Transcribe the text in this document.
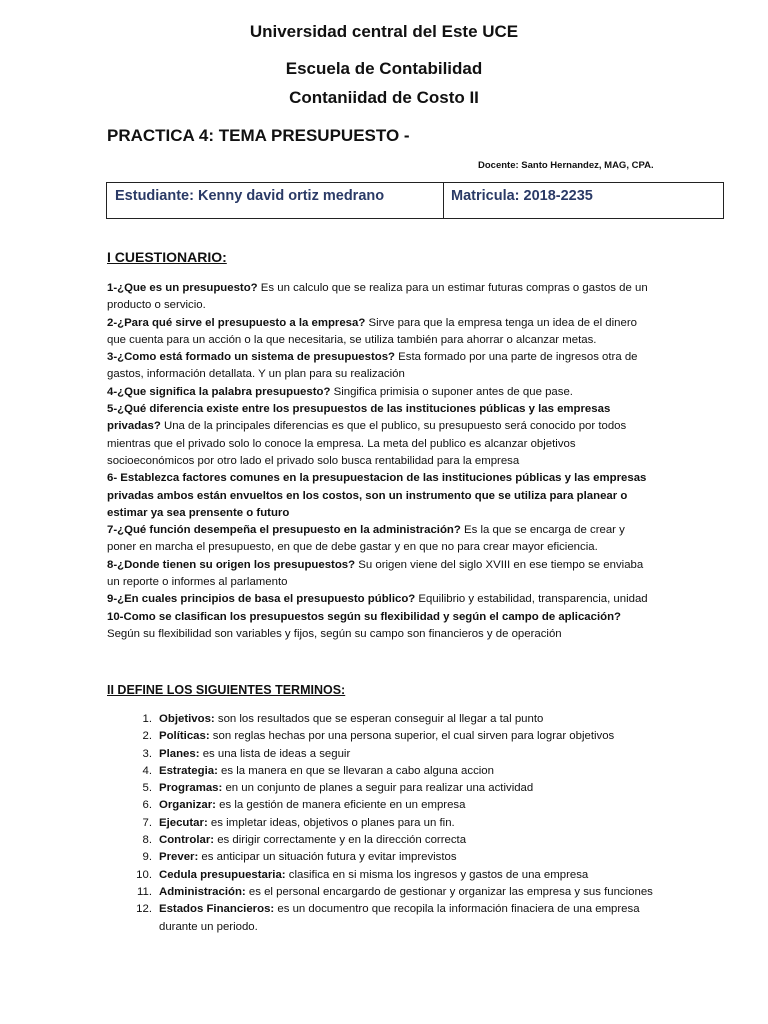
Universidad central del Este UCE
Escuela de Contabilidad
Contaniidad de Costo II
PRACTICA 4: TEMA PRESUPUESTO -
Docente: Santo Hernandez, MAG, CPA.
Estudiante: Kenny david ortiz medrano	Matricula: 2018-2235
I CUESTIONARIO:

1-¿Que es un presupuesto? Es un calculo que se realiza para un estimar futuras compras o gastos de un producto o servicio.

2-¿Para qué sirve el presupuesto a la empresa? Sirve para que la empresa tenga un idea de el dinero que cuenta para un acción o la que necesitaria, se utiliza también para ahorrar o alcanzar metas.

3-¿Como está formado un sistema de presupuestos? Esta formado por una parte de ingresos otra de gastos, información detallata. Y un plan para su realización

4-¿Que significa la palabra presupuesto? Singifica primisia o suponer antes de que pase.

5-¿Qué diferencia existe entre los presupuestos de las instituciones públicas y las empresas privadas? Una de la principales diferencias es que el publico, su presupuesto será conocido por todos mientras que el privado solo lo conoce la empresa. La meta del publico es alcanzar objetivos socioeconómicos por otro lado el privado solo busca rentabilidad para la empresa

6- Establezca factores comunes en la presupuestacion de las instituciones públicas y las empresas privadas ambos están envueltos en los costos, son un instrumento que se utiliza para planear o estimar ya sea prensente o futuro

7-¿Qué función desempeña el presupuesto en la administración? Es la que se encarga de crear y poner en marcha el presupuesto, en que de debe gastar y en que no para crear mayor eficiencia.

8-¿Donde tienen su origen los presupuestos? Su origen viene del siglo XVIII en ese tiempo se enviaba un reporte o informes al parlamento

9-¿En cuales principios de basa el presupuesto público? Equilibrio y estabilidad, transparencia, unidad

10-Como se clasifican los presupuestos según su flexibilidad y según el campo de aplicación? Según su flexibilidad son variables y fijos, según su campo son financieros y de operación

II DEFINE LOS SIGUIENTES TERMINOS:
1. Objetivos: son los resultados que se esperan conseguir al llegar a tal punto
2. Políticas: son reglas hechas por una persona superior, el cual sirven para lograr objetivos
3. Planes: es una lista de ideas a seguir
4. Estrategia: es la manera en que se llevaran a cabo alguna accion
5. Programas: en un conjunto de planes a seguir para realizar una actividad
6. Organizar: es la gestión de manera eficiente en un empresa
7. Ejecutar: es impletar ideas, objetivos o planes para un fin.
8. Controlar: es dirigir correctamente y en la dirección correcta
9. Prever: es anticipar un situación futura y evitar imprevistos
10. Cedula presupuestaria: clasifica en si misma los ingresos y gastos de una empresa
11. Administración: es el personal encargardo de gestionar y organizar las empresa y sus funciones
12. Estados Financieros: es un documentro que recopila la información finaciera de una empresa durante un periodo.
